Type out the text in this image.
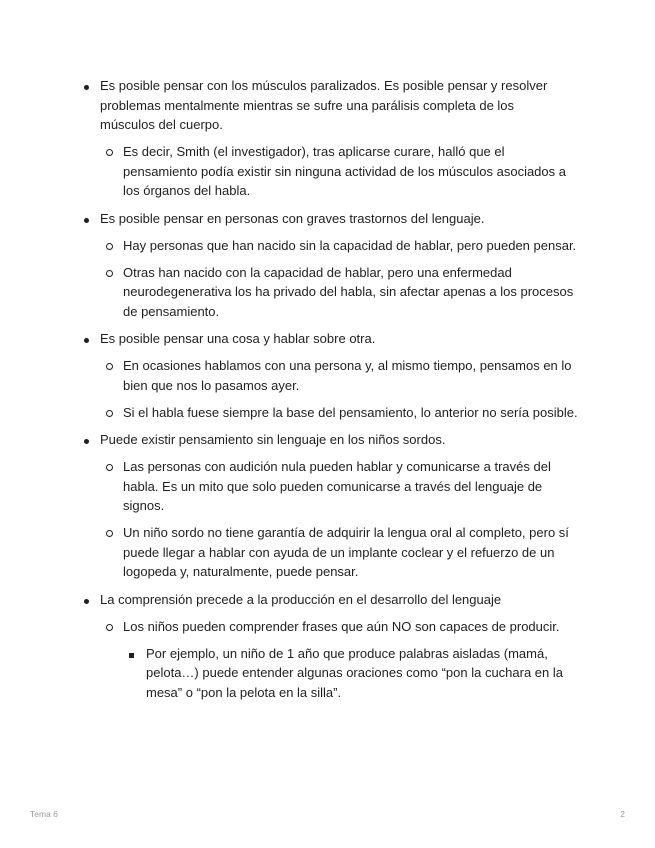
Es posible pensar con los músculos paralizados. Es posible pensar y resolver problemas mentalmente mientras se sufre una parálisis completa de los músculos del cuerpo.
Es decir, Smith (el investigador), tras aplicarse curare, halló que el pensamiento podía existir sin ninguna actividad de los músculos asociados a los órganos del habla.
Es posible pensar en personas con graves trastornos del lenguaje.
Hay personas que han nacido sin la capacidad de hablar, pero pueden pensar.
Otras han nacido con la capacidad de hablar, pero una enfermedad neurodegenerativa los ha privado del habla, sin afectar apenas a los procesos de pensamiento.
Es posible pensar una cosa y hablar sobre otra.
En ocasiones hablamos con una persona y, al mismo tiempo, pensamos en lo bien que nos lo pasamos ayer.
Si el habla fuese siempre la base del pensamiento, lo anterior no sería posible.
Puede existir pensamiento sin lenguaje en los niños sordos.
Las personas con audición nula pueden hablar y comunicarse a través del habla. Es un mito que solo pueden comunicarse a través del lenguaje de signos.
Un niño sordo no tiene garantía de adquirir la lengua oral al completo, pero sí puede llegar a hablar con ayuda de un implante coclear y el refuerzo de un logopeda y, naturalmente, puede pensar.
La comprensión precede a la producción en el desarrollo del lenguaje
Los niños pueden comprender frases que aún NO son capaces de producir.
Por ejemplo, un niño de 1 año que produce palabras aisladas (mamá, pelota…) puede entender algunas oraciones como “pon la cuchara en la mesa” o “pon la pelota en la silla”.
Tema 6	2
